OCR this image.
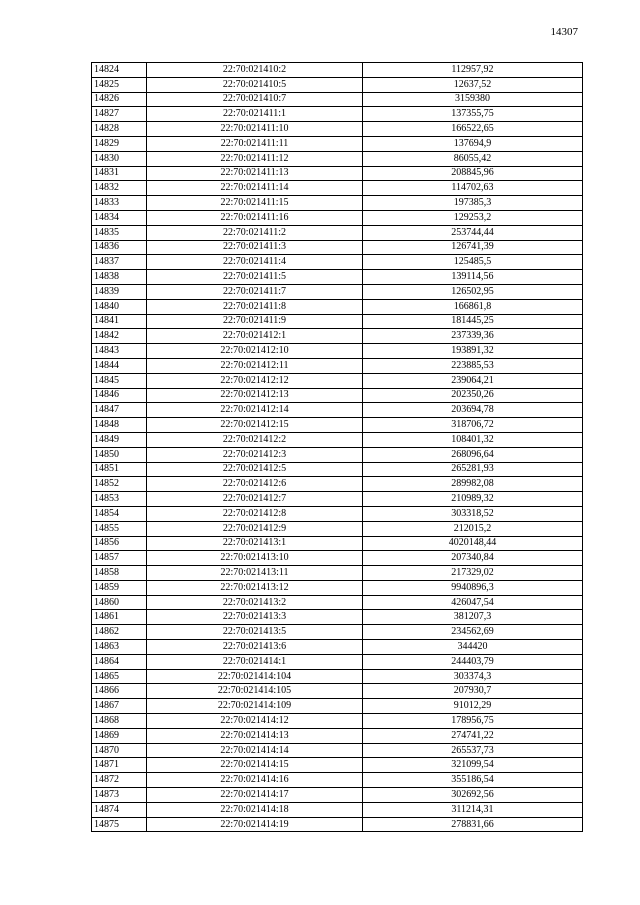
14307
14824	22:70:021410:2	112957,92
14825	22:70:021410:5	12637,52
14826	22:70:021410:7	3159380
14827	22:70:021411:1	137355,75
14828	22:70:021411:10	166522,65
14829	22:70:021411:11	137694,9
14830	22:70:021411:12	86055,42
14831	22:70:021411:13	208845,96
14832	22:70:021411:14	114702,63
14833	22:70:021411:15	197385,3
14834	22:70:021411:16	129253,2
14835	22:70:021411:2	253744,44
14836	22:70:021411:3	126741,39
14837	22:70:021411:4	125485,5
14838	22:70:021411:5	139114,56
14839	22:70:021411:7	126502,95
14840	22:70:021411:8	166861,8
14841	22:70:021411:9	181445,25
14842	22:70:021412:1	237339,36
14843	22:70:021412:10	193891,32
14844	22:70:021412:11	223885,53
14845	22:70:021412:12	239064,21
14846	22:70:021412:13	202350,26
14847	22:70:021412:14	203694,78
14848	22:70:021412:15	318706,72
14849	22:70:021412:2	108401,32
14850	22:70:021412:3	268096,64
14851	22:70:021412:5	265281,93
14852	22:70:021412:6	289982,08
14853	22:70:021412:7	210989,32
14854	22:70:021412:8	303318,52
14855	22:70:021412:9	212015,2
14856	22:70:021413:1	4020148,44
14857	22:70:021413:10	207340,84
14858	22:70:021413:11	217329,02
14859	22:70:021413:12	9940896,3
14860	22:70:021413:2	426047,54
14861	22:70:021413:3	381207,3
14862	22:70:021413:5	234562,69
14863	22:70:021413:6	344420
14864	22:70:021414:1	244403,79
14865	22:70:021414:104	303374,3
14866	22:70:021414:105	207930,7
14867	22:70:021414:109	91012,29
14868	22:70:021414:12	178956,75
14869	22:70:021414:13	274741,22
14870	22:70:021414:14	265537,73
14871	22:70:021414:15	321099,54
14872	22:70:021414:16	355186,54
14873	22:70:021414:17	302692,56
14874	22:70:021414:18	311214,31
14875	22:70:021414:19	278831,66
